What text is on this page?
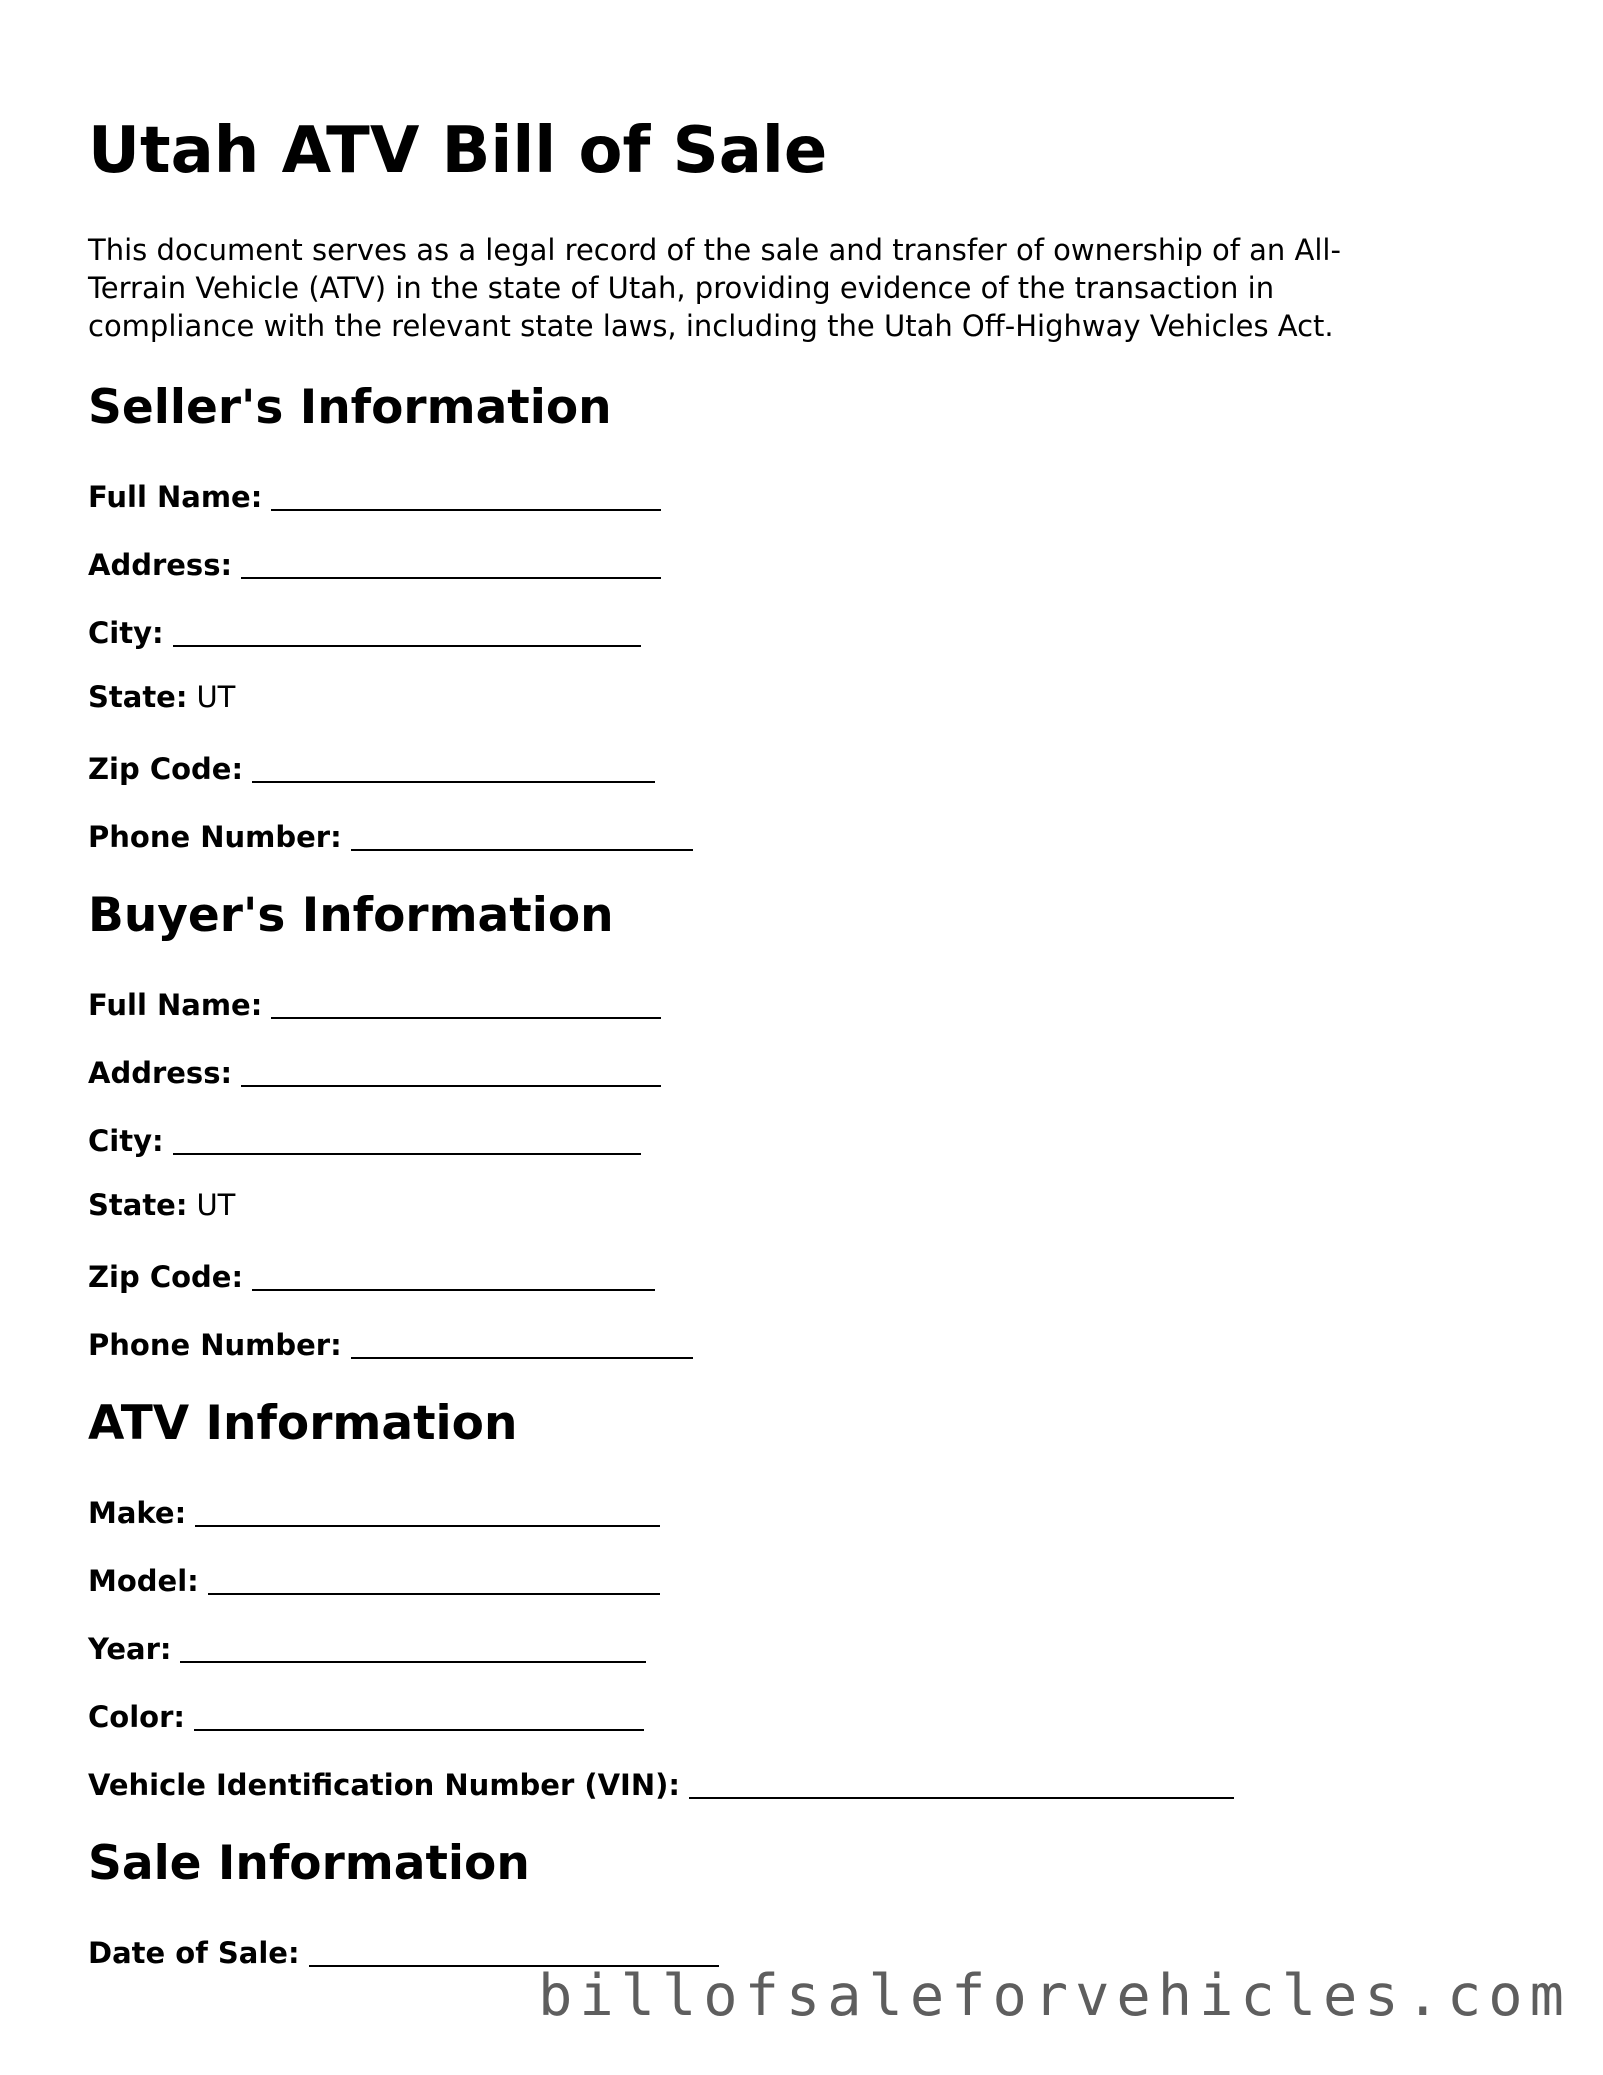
Utah ATV Bill of Sale

This document serves as a legal record of the sale and transfer of ownership of an All-
Terrain Vehicle (ATV) in the state of Utah, providing evidence of the transaction in
compliance with the relevant state laws, including the Utah Off-Highway Vehicles Act.

Seller's Information
Full Name:
Address:
City:
State: UT
Zip Code:
Phone Number:
Buyer's Information
Full Name:
Address:
City:
State: UT
Zip Code:
Phone Number:
ATV Information
Make:
Model:
Year:
Color:
Vehicle Identification Number (VIN):
Sale Information
Date of Sale:
billofsaleforvehicles.com
